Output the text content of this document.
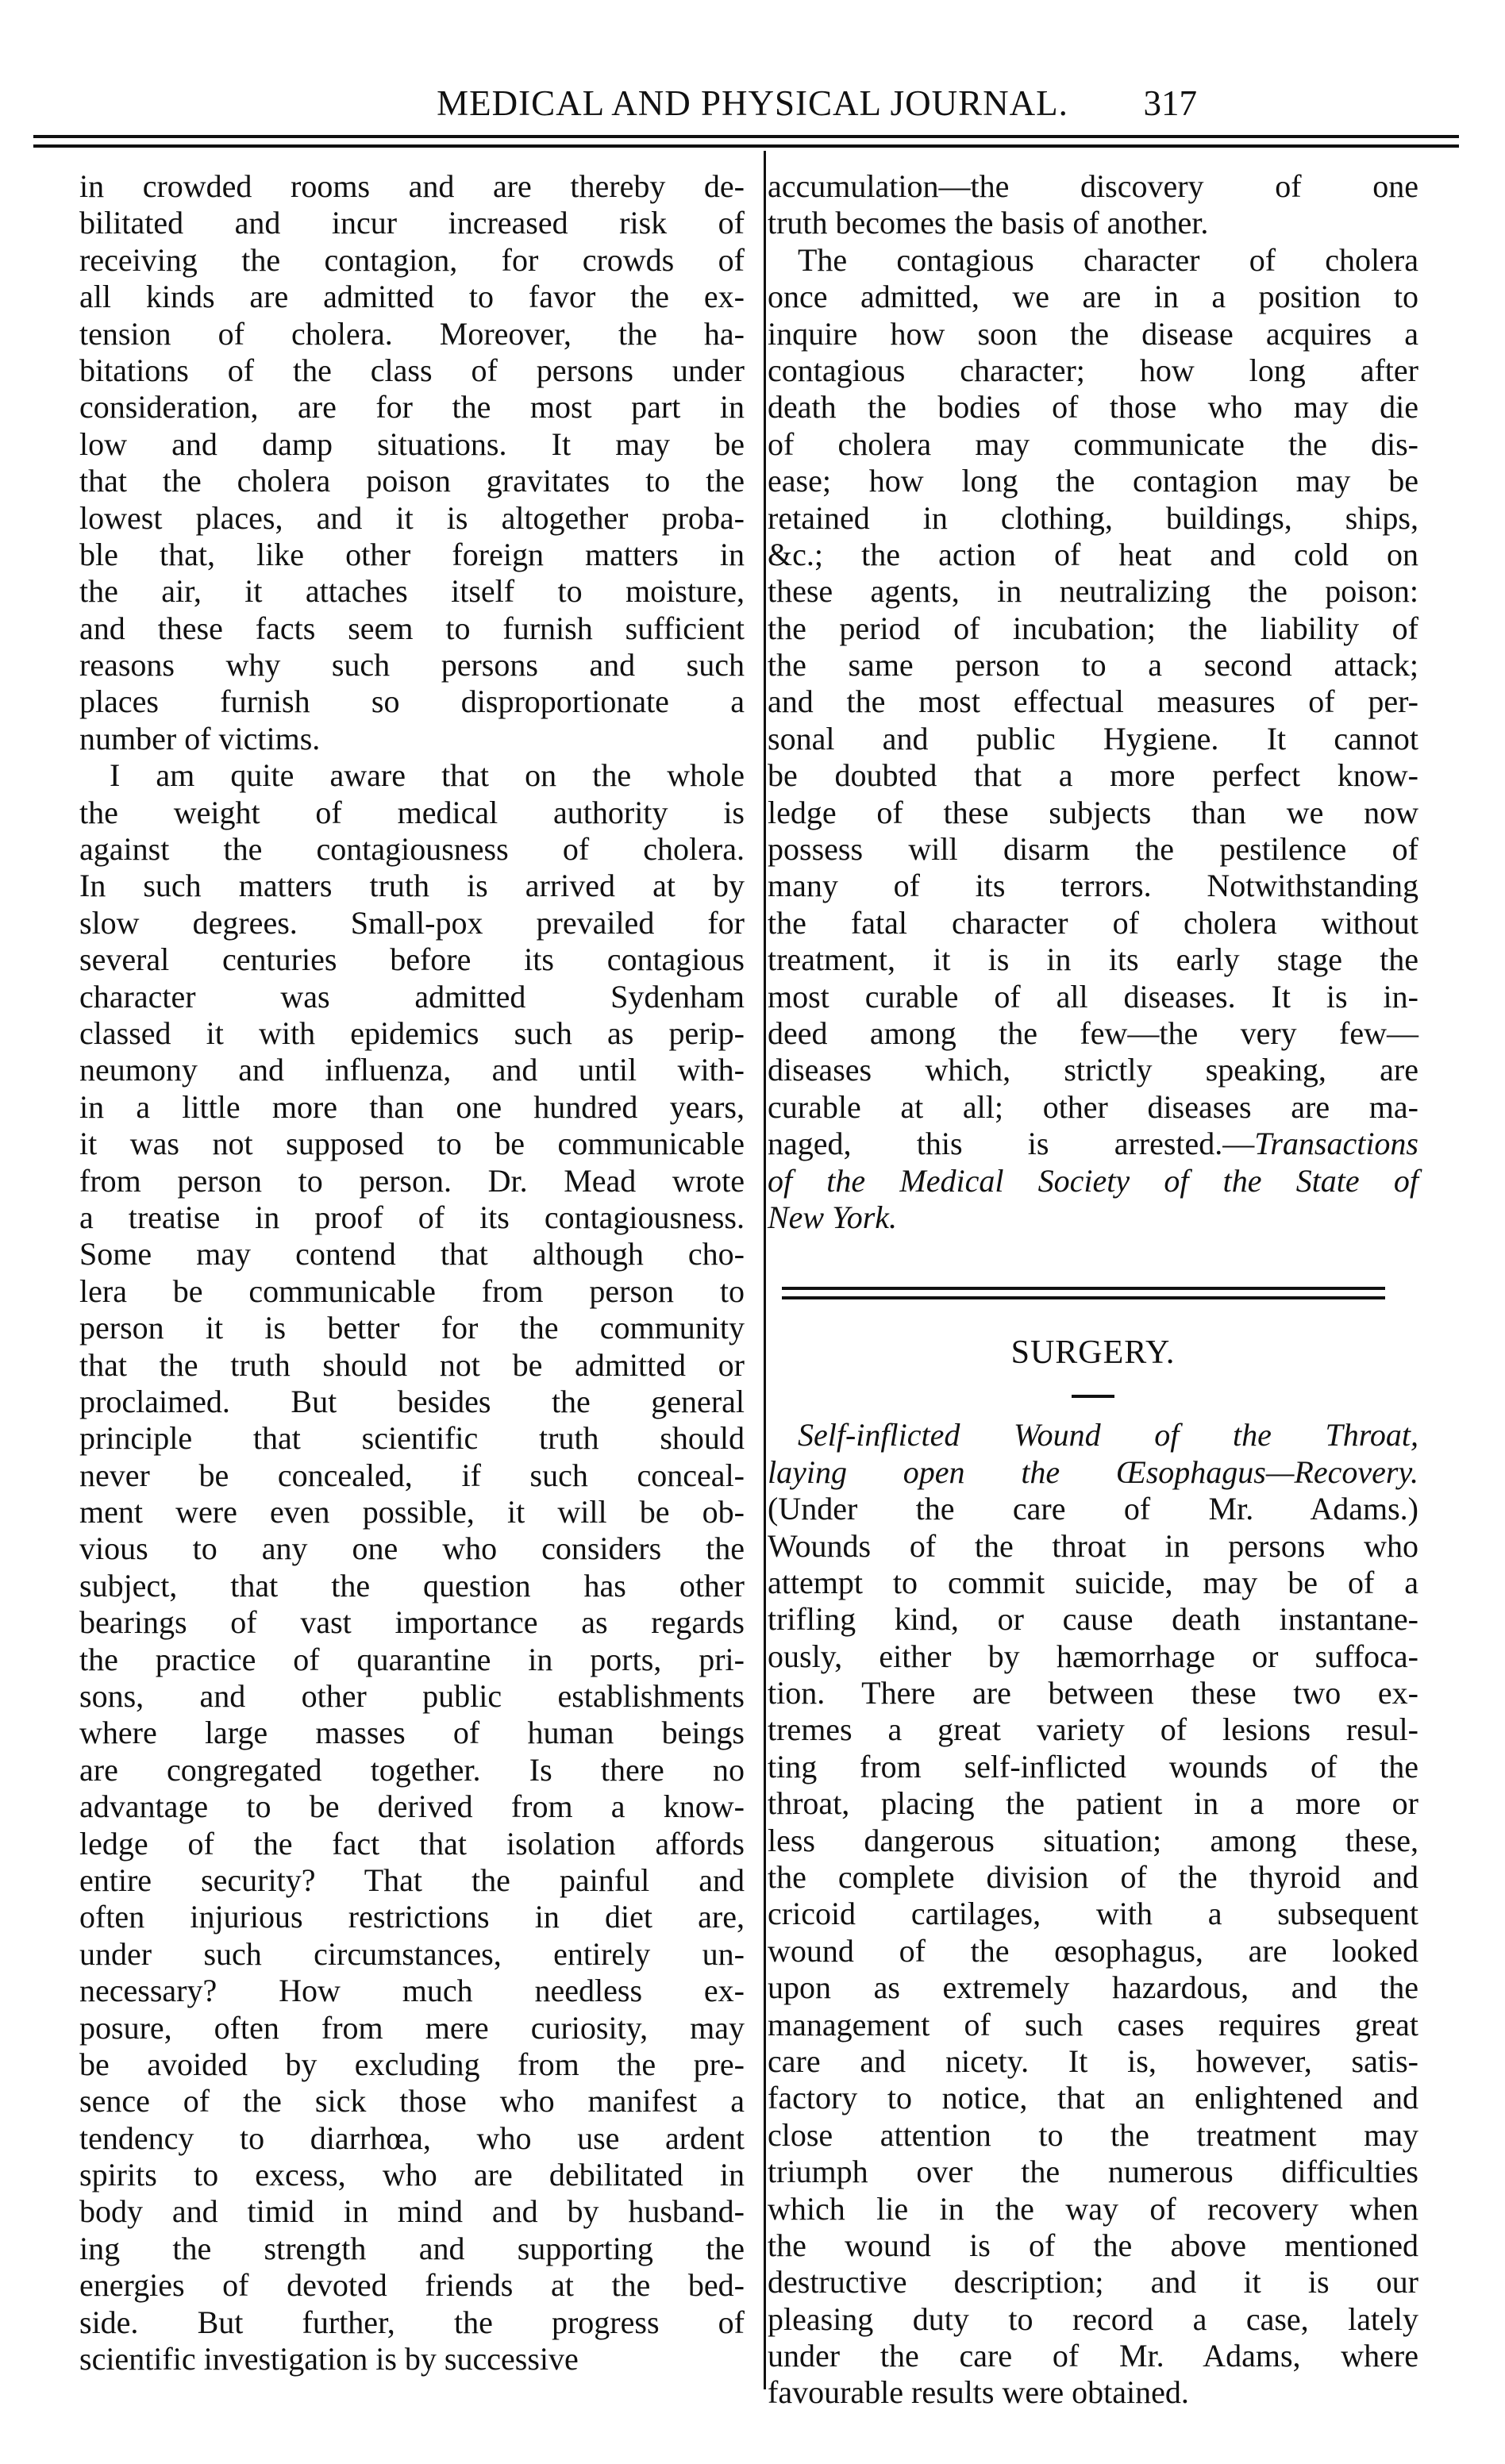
MEDICAL AND PHYSICAL JOURNAL.	317
in crowded rooms and are thereby de-
bilitated and incur increased risk of
receiving the contagion, for crowds of
all kinds are admitted to favor the ex-
tension of cholera. Moreover, the ha-
bitations of the class of persons under
consideration, are for the most part in
low and damp situations. It may be
that the cholera poison gravitates to the
lowest places, and it is altogether proba-
ble that, like other foreign matters in
the air, it attaches itself to moisture,
and these facts seem to furnish sufficient
reasons why such persons and such
places furnish so disproportionate a
number of victims.
I am quite aware that on the whole
the weight of medical authority is
against the contagiousness of cholera.
In such matters truth is arrived at by
slow degrees. Small-pox prevailed for
several centuries before its contagious
character was admitted Sydenham
classed it with epidemics such as perip-
neumony and influenza, and until with-
in a little more than one hundred years,
it was not supposed to be communicable
from person to person. Dr. Mead wrote
a treatise in proof of its contagiousness.
Some may contend that although cho-
lera be communicable from person to
person it is better for the community
that the truth should not be admitted or
proclaimed. But besides the general
principle that scientific truth should
never be concealed, if such conceal-
ment were even possible, it will be ob-
vious to any one who considers the
subject, that the question has other
bearings of vast importance as regards
the practice of quarantine in ports, pri-
sons, and other public establishments
where large masses of human beings
are congregated together. Is there no
advantage to be derived from a know-
ledge of the fact that isolation affords
entire security? That the painful and
often injurious restrictions in diet are,
under such circumstances, entirely un-
necessary? How much needless ex-
posure, often from mere curiosity, may
be avoided by excluding from the pre-
sence of the sick those who manifest a
tendency to diarrhœa, who use ardent
spirits to excess, who are debilitated in
body and timid in mind and by husband-
ing the strength and supporting the
energies of devoted friends at the bed-
side. But further, the progress of
scientific investigation is by successive
accumulation—the discovery of one
truth becomes the basis of another.
The contagious character of cholera
once admitted, we are in a position to
inquire how soon the disease acquires a
contagious character; how long after
death the bodies of those who may die
of cholera may communicate the dis-
ease; how long the contagion may be
retained in clothing, buildings, ships,
&c.; the action of heat and cold on
these agents, in neutralizing the poison:
the period of incubation; the liability of
the same person to a second attack;
and the most effectual measures of per-
sonal and public Hygiene. It cannot
be doubted that a more perfect know-
ledge of these subjects than we now
possess will disarm the pestilence of
many of its terrors. Notwithstanding
the fatal character of cholera without
treatment, it is in its early stage the
most curable of all diseases. It is in-
deed among the few—the very few—
diseases which, strictly speaking, are
curable at all; other diseases are ma-
naged, this is arrested.—Transactions
of the Medical Society of the State of
New York.
SURGERY.
Self-inflicted Wound of the Throat,
laying open the Œsophagus—Recovery.
(Under the care of Mr. Adams.)
Wounds of the throat in persons who
attempt to commit suicide, may be of a
trifling kind, or cause death instantane-
ously, either by hæmorrhage or suffoca-
tion. There are between these two ex-
tremes a great variety of lesions resul-
ting from self-inflicted wounds of the
throat, placing the patient in a more or
less dangerous situation; among these,
the complete division of the thyroid and
cricoid cartilages, with a subsequent
wound of the œsophagus, are looked
upon as extremely hazardous, and the
management of such cases requires great
care and nicety. It is, however, satis-
factory to notice, that an enlightened and
close attention to the treatment may
triumph over the numerous difficulties
which lie in the way of recovery when
the wound is of the above mentioned
destructive description; and it is our
pleasing duty to record a case, lately
under the care of Mr. Adams, where
favourable results were obtained.
